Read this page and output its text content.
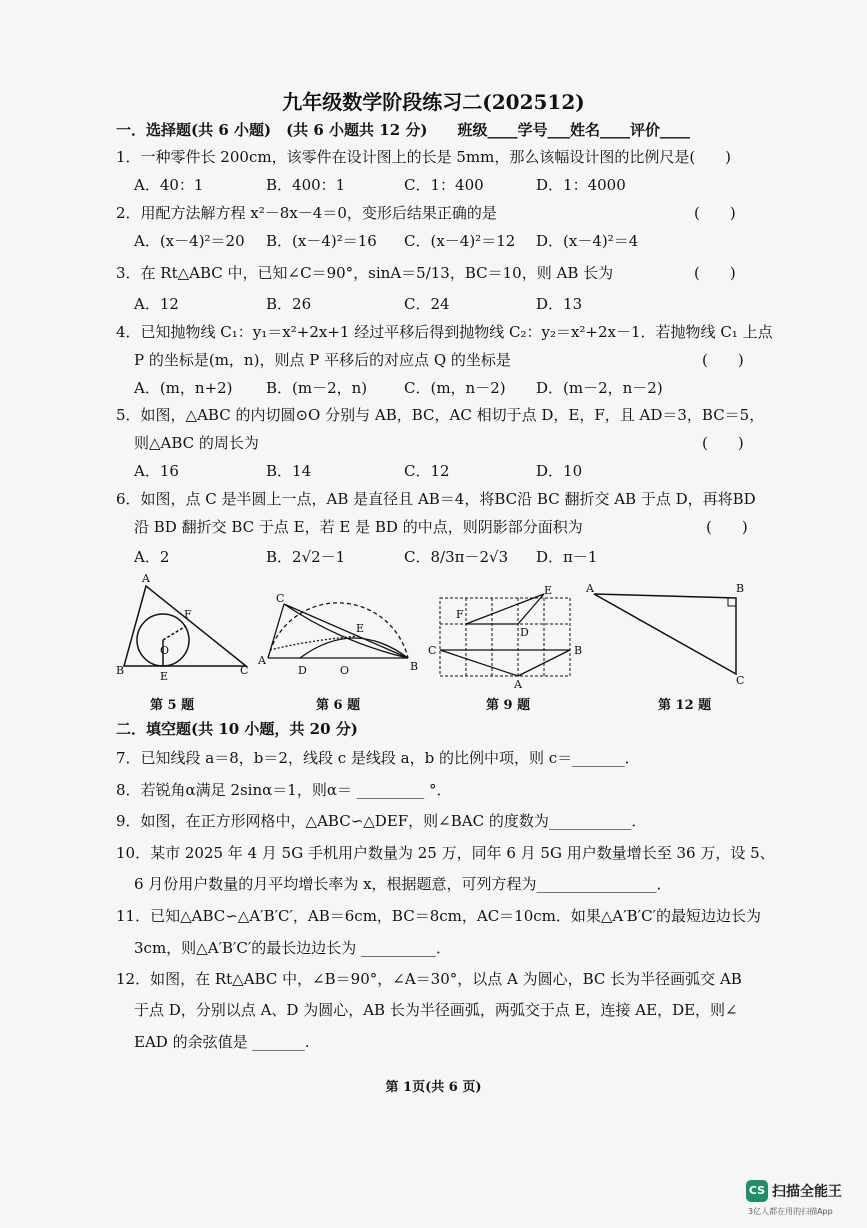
九年级数学阶段练习二(202512)
一．选择题(共 6 小题)　(共 6 小题共 12 分)　　班级____学号___姓名____评价____
1．一种零件长 200cm，该零件在设计图上的长是 5mm，那么该幅设计图的比例尺是(　　)
A．40：1	B．400：1	C．1：400	D．1：4000
2．用配方法解方程 x²－8x－4＝0，变形后结果正确的是	(　　)
A．(x－4)²＝20 B．(x－4)²＝16 C．(x－4)²＝12 D．(x－4)²＝4
3．在 Rt△ABC 中，已知∠C＝90°，sinA＝5/13，BC＝10，则 AB 长为	(　　)
A．12	B．26	C．24	D．13
4．已知抛物线 C₁：y₁＝x²+2x+1 经过平移后得到抛物线 C₂：y₂＝x²+2x－1．若抛物线 C₁ 上点
P 的坐标是(m，n)，则点 P 平移后的对应点 Q 的坐标是	(　　)
A．(m，n+2) B．(m－2，n) C．(m，n－2) D．(m－2，n－2)
5．如图，△ABC 的内切圆⊙O 分别与 AB，BC，AC 相切于点 D，E，F，且 AD＝3，BC＝5，
则△ABC 的周长为	(　　)
A．16	B．14	C．12	D．10
6．如图，点 C 是半圆上一点，AB 是直径且 AB＝4，将BC沿 BC 翻折交 AB 于点 D，再将BD
沿 BD 翻折交 BC 于点 E，若 E 是 BD 的中点，则阴影部分面积为	(　　)
A．2	B．2√2－1	C．8/3π－2√3 D．π－1
A
F
O
B	E	C
C
E
A
D	O	B
E
F
D
C	B
A
A	B
C
第 5 题	第 6 题	第 9 题	第 12 题
二．填空题(共 10 小题，共 20 分)
7．已知线段 a＝8，b＝2，线段 c 是线段 a，b 的比例中项，则 c＝_______．
8．若锐角α满足 2sinα＝1，则α＝ _________ °．
9．如图，在正方形网格中，△ABC∽△DEF，则∠BAC 的度数为___________．
10．某市 2025 年 4 月 5G 手机用户数量为 25 万，同年 6 月 5G 用户数量增长至 36 万，设 5、
6 月份用户数量的月平均增长率为 x，根据题意，可列方程为________________．
11．已知△ABC∽△A′B′C′，AB＝6cm，BC＝8cm，AC＝10cm．如果△A′B′C′的最短边边长为
3cm，则△A′B′C′的最长边边长为 __________．
12．如图，在 Rt△ABC 中，∠B＝90°，∠A＝30°，以点 A 为圆心，BC 长为半径画弧交 AB
于点 D，分别以点 A、D 为圆心，AB 长为半径画弧，两弧交于点 E，连接 AE，DE，则∠
EAD 的余弦值是 _______.
第 1页(共 6 页)
CS 扫描全能王
3亿人都在用的扫描App
